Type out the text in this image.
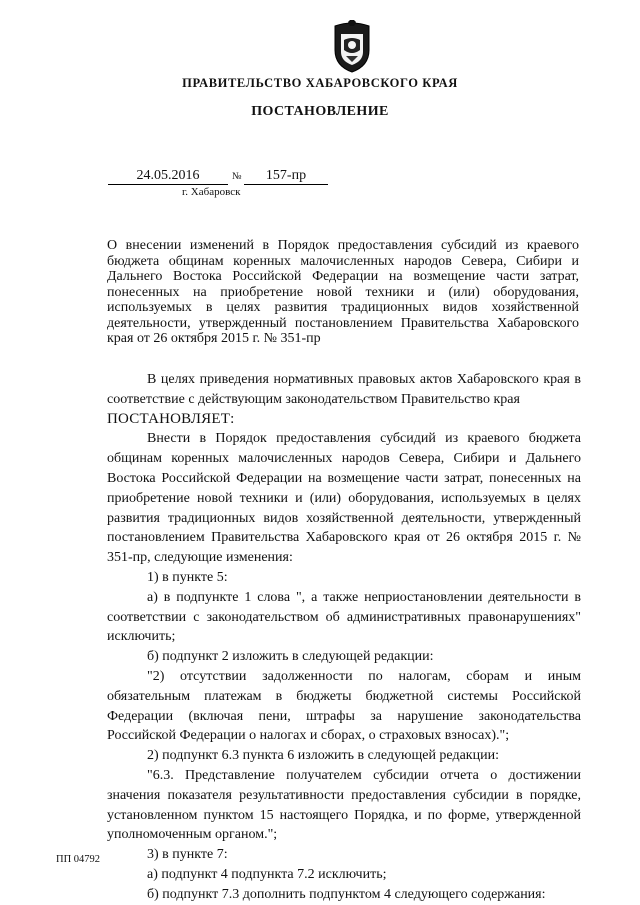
ПРАВИТЕЛЬСТВО ХАБАРОВСКОГО КРАЯ
ПОСТАНОВЛЕНИЕ
24.05.2016	№	157-пр
г. Хабаровск
О внесении изменений в Порядок предоставления субсидий из краевого бюджета общинам коренных малочисленных народов Севера, Сибири и Дальнего Востока Российской Федерации на возмещение части затрат, понесенных на приобретение новой техники и (или) оборудования, используемых в целях развития традиционных видов хозяйственной деятельности, утвержденный постановлением Правительства Хабаровского края от 26 октября 2015 г. № 351-пр

В целях приведения нормативных правовых актов Хабаровского края в соответствие с действующим законодательством Правительство края

ПОСТАНОВЛЯЕТ:

Внести в Порядок предоставления субсидий из краевого бюджета общинам коренных малочисленных народов Севера, Сибири и Дальнего Востока Российской Федерации на возмещение части затрат, понесенных на приобретение новой техники и (или) оборудования, используемых в целях развития традиционных видов хозяйственной деятельности, утвержденный постановлением Правительства Хабаровского края от 26 октября 2015 г. № 351-пр, следующие изменения:

1) в пункте 5:

а) в подпункте 1 слова ", а также неприостановлении деятельности в соответствии с законодательством об административных правонарушениях" исключить;

б) подпункт 2 изложить в следующей редакции:

"2) отсутствии задолженности по налогам, сборам и иным обязательным платежам в бюджеты бюджетной системы Российской Федерации (включая пени, штрафы за нарушение законодательства Российской Федерации о налогах и сборах, о страховых взносах).";

2) подпункт 6.3 пункта 6 изложить в следующей редакции:

"6.3. Представление получателем субсидии отчета о достижении значения показателя результативности предоставления субсидии в порядке, установленном пунктом 15 настоящего Порядка, и по форме, утвержденной уполномоченным органом.";

3) в пункте 7:

а) подпункт 4 подпункта 7.2 исключить;

б) подпункт 7.3 дополнить подпунктом 4 следующего содержания:

ПП 04792
